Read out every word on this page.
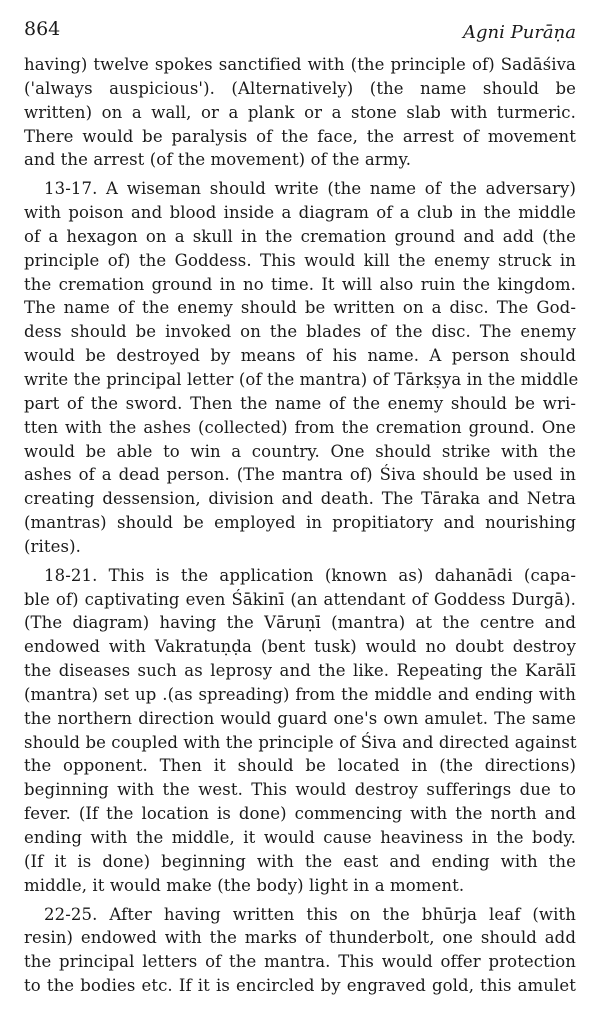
864	Agni Purāṇa
having) twelve spokes sanctified with (the principle of) Sadāśiva
('always auspicious'). (Alternatively) (the name should be
written) on a wall, or a plank or a stone slab with turmeric.
There would be paralysis of the face, the arrest of movement
and the arrest (of the movement) of the army.
13-17. A wiseman should write (the name of the adversary)
with poison and blood inside a diagram of a club in the middle
of a hexagon on a skull in the cremation ground and add (the
principle of) the Goddess. This would kill the enemy struck in
the cremation ground in no time. It will also ruin the kingdom.
The name of the enemy should be written on a disc. The God-
dess should be invoked on the blades of the disc. The enemy
would be destroyed by means of his name. A person should
write the principal letter (of the mantra) of Tārkṣya in the middle
part of the sword. Then the name of the enemy should be wri-
tten with the ashes (collected) from the cremation ground. One
would be able to win a country. One should strike with the
ashes of a dead person. (The mantra of) Śiva should be used in
creating dessension, division and death. The Tāraka and Netra
(mantras) should be employed in propitiatory and nourishing
(rites).
18-21. This is the application (known as) dahanādi (capa-
ble of) captivating even Śākinī (an attendant of Goddess Durgā).
(The diagram) having the Vāruṇī (mantra) at the centre and
endowed with Vakratuṇḍa (bent tusk) would no doubt destroy
the diseases such as leprosy and the like. Repeating the Karālī
(mantra) set up .(as spreading) from the middle and ending with
the northern direction would guard one's own amulet. The same
should be coupled with the principle of Śiva and directed against
the opponent. Then it should be located in (the directions)
beginning with the west. This would destroy sufferings due to
fever. (If the location is done) commencing with the north and
ending with the middle, it would cause heaviness in the body.
(If it is done) beginning with the east and ending with the
middle, it would make (the body) light in a moment.
22-25. After having written this on the bhūrja leaf (with
resin) endowed with the marks of thunderbolt, one should add
the principal letters of the mantra. This would offer protection
to the bodies etc. If it is encircled by engraved gold, this amulet
